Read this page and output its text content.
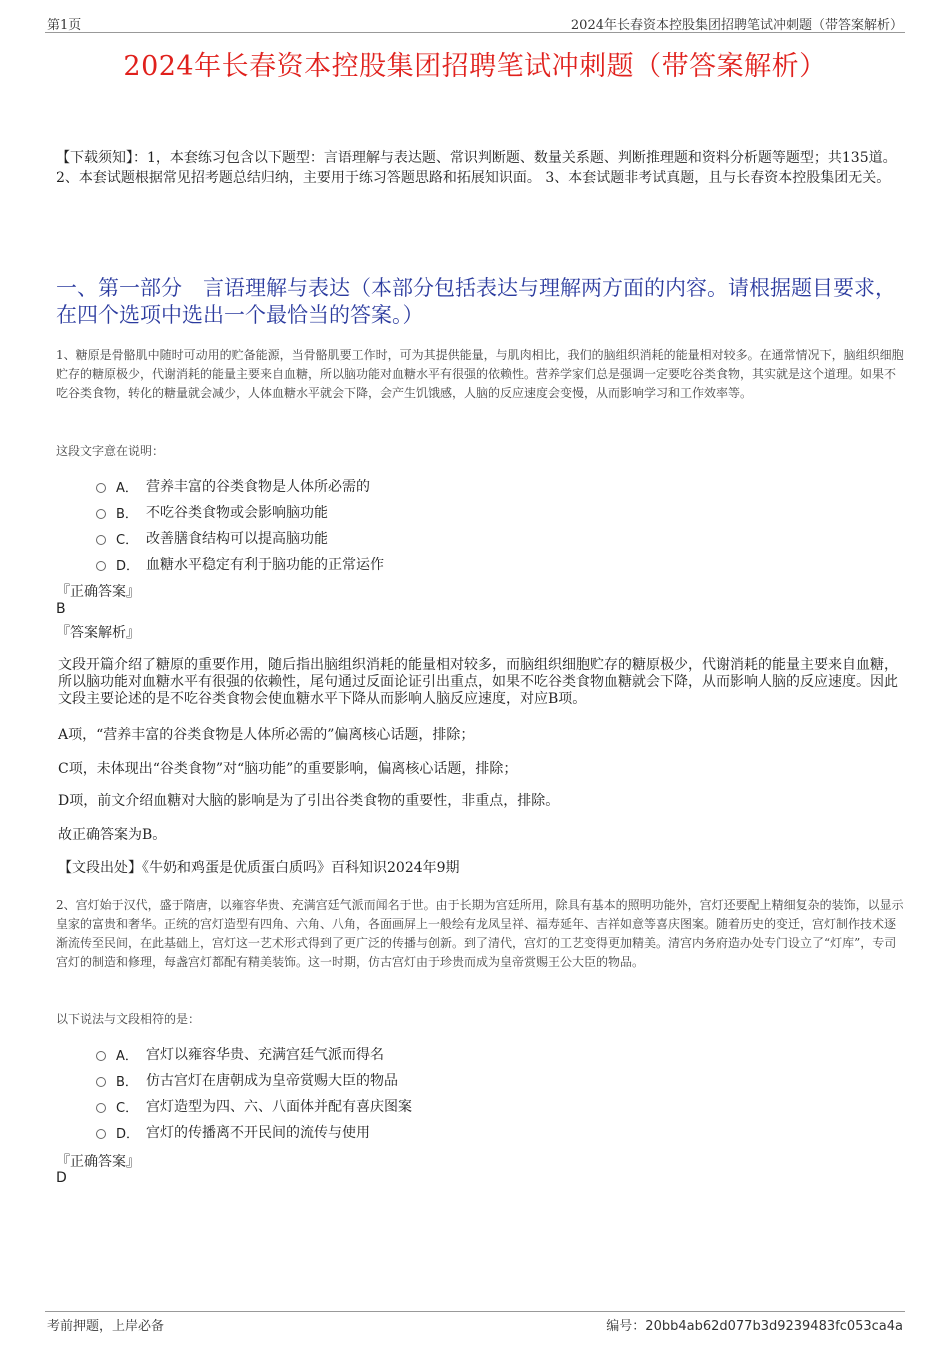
第1页	2024年长春资本控股集团招聘笔试冲刺题（带答案解析）
2024年长春资本控股集团招聘笔试冲刺题（带答案解析）
【下载须知】：1，本套练习包含以下题型：言语理解与表达题、常识判断题、数量关系题、判断推理题和资料分析题等题型；共135道。 2、本套试题根据常见招考题总结归纳，主要用于练习答题思路和拓展知识面。 3、本套试题非考试真题，且与长春资本控股集团无关。
一、第一部分　言语理解与表达（本部分包括表达与理解两方面的内容。请根据题目要求，在四个选项中选出一个最恰当的答案。）
1、糖原是骨骼肌中随时可动用的贮备能源，当骨骼肌要工作时，可为其提供能量，与肌肉相比，我们的脑组织消耗的能量相对较多。在通常情况下，脑组织细胞贮存的糖原极少，代谢消耗的能量主要来自血糖，所以脑功能对血糖水平有很强的依赖性。营养学家们总是强调一定要吃谷类食物，其实就是这个道理。如果不吃谷类食物，转化的糖量就会减少，人体血糖水平就会下降，会产生饥饿感，人脑的反应速度会变慢，从而影响学习和工作效率等。
这段文字意在说明：
A． 营养丰富的谷类食物是人体所必需的
B． 不吃谷类食物或会影响脑功能
C． 改善膳食结构可以提高脑功能
D． 血糖水平稳定有利于脑功能的正常运作
『正确答案』
B
『答案解析』
文段开篇介绍了糖原的重要作用，随后指出脑组织消耗的能量相对较多，而脑组织细胞贮存的糖原极少，代谢消耗的能量主要来自血糖，所以脑功能对血糖水平有很强的依赖性，尾句通过反面论证引出重点，如果不吃谷类食物血糖就会下降，从而影响人脑的反应速度。因此文段主要论述的是不吃谷类食物会使血糖水平下降从而影响人脑反应速度，对应B项。
A项，“营养丰富的谷类食物是人体所必需的”偏离核心话题，排除；
C项，未体现出“谷类食物”对“脑功能”的重要影响，偏离核心话题，排除；
D项，前文介绍血糖对大脑的影响是为了引出谷类食物的重要性，非重点，排除。
故正确答案为B。
【文段出处】《牛奶和鸡蛋是优质蛋白质吗》百科知识2024年9期
2、宫灯始于汉代，盛于隋唐，以雍容华贵、充满宫廷气派而闻名于世。由于长期为宫廷所用，除具有基本的照明功能外，宫灯还要配上精细复杂的装饰，以显示皇家的富贵和奢华。正统的宫灯造型有四角、六角、八角，各面画屏上一般绘有龙凤呈祥、福寿延年、吉祥如意等喜庆图案。随着历史的变迁，宫灯制作技术逐渐流传至民间，在此基础上，宫灯这一艺术形式得到了更广泛的传播与创新。到了清代，宫灯的工艺变得更加精美。清宫内务府造办处专门设立了“灯库”，专司宫灯的制造和修理，每盏宫灯都配有精美装饰。这一时期，仿古宫灯由于珍贵而成为皇帝赏赐王公大臣的物品。
以下说法与文段相符的是：
A． 宫灯以雍容华贵、充满宫廷气派而得名
B． 仿古宫灯在唐朝成为皇帝赏赐大臣的物品
C． 宫灯造型为四、六、八面体并配有喜庆图案
D． 宫灯的传播离不开民间的流传与使用
『正确答案』
D
考前押题，上岸必备	编号：20bb4ab62d077b3d9239483fc053ca4a
